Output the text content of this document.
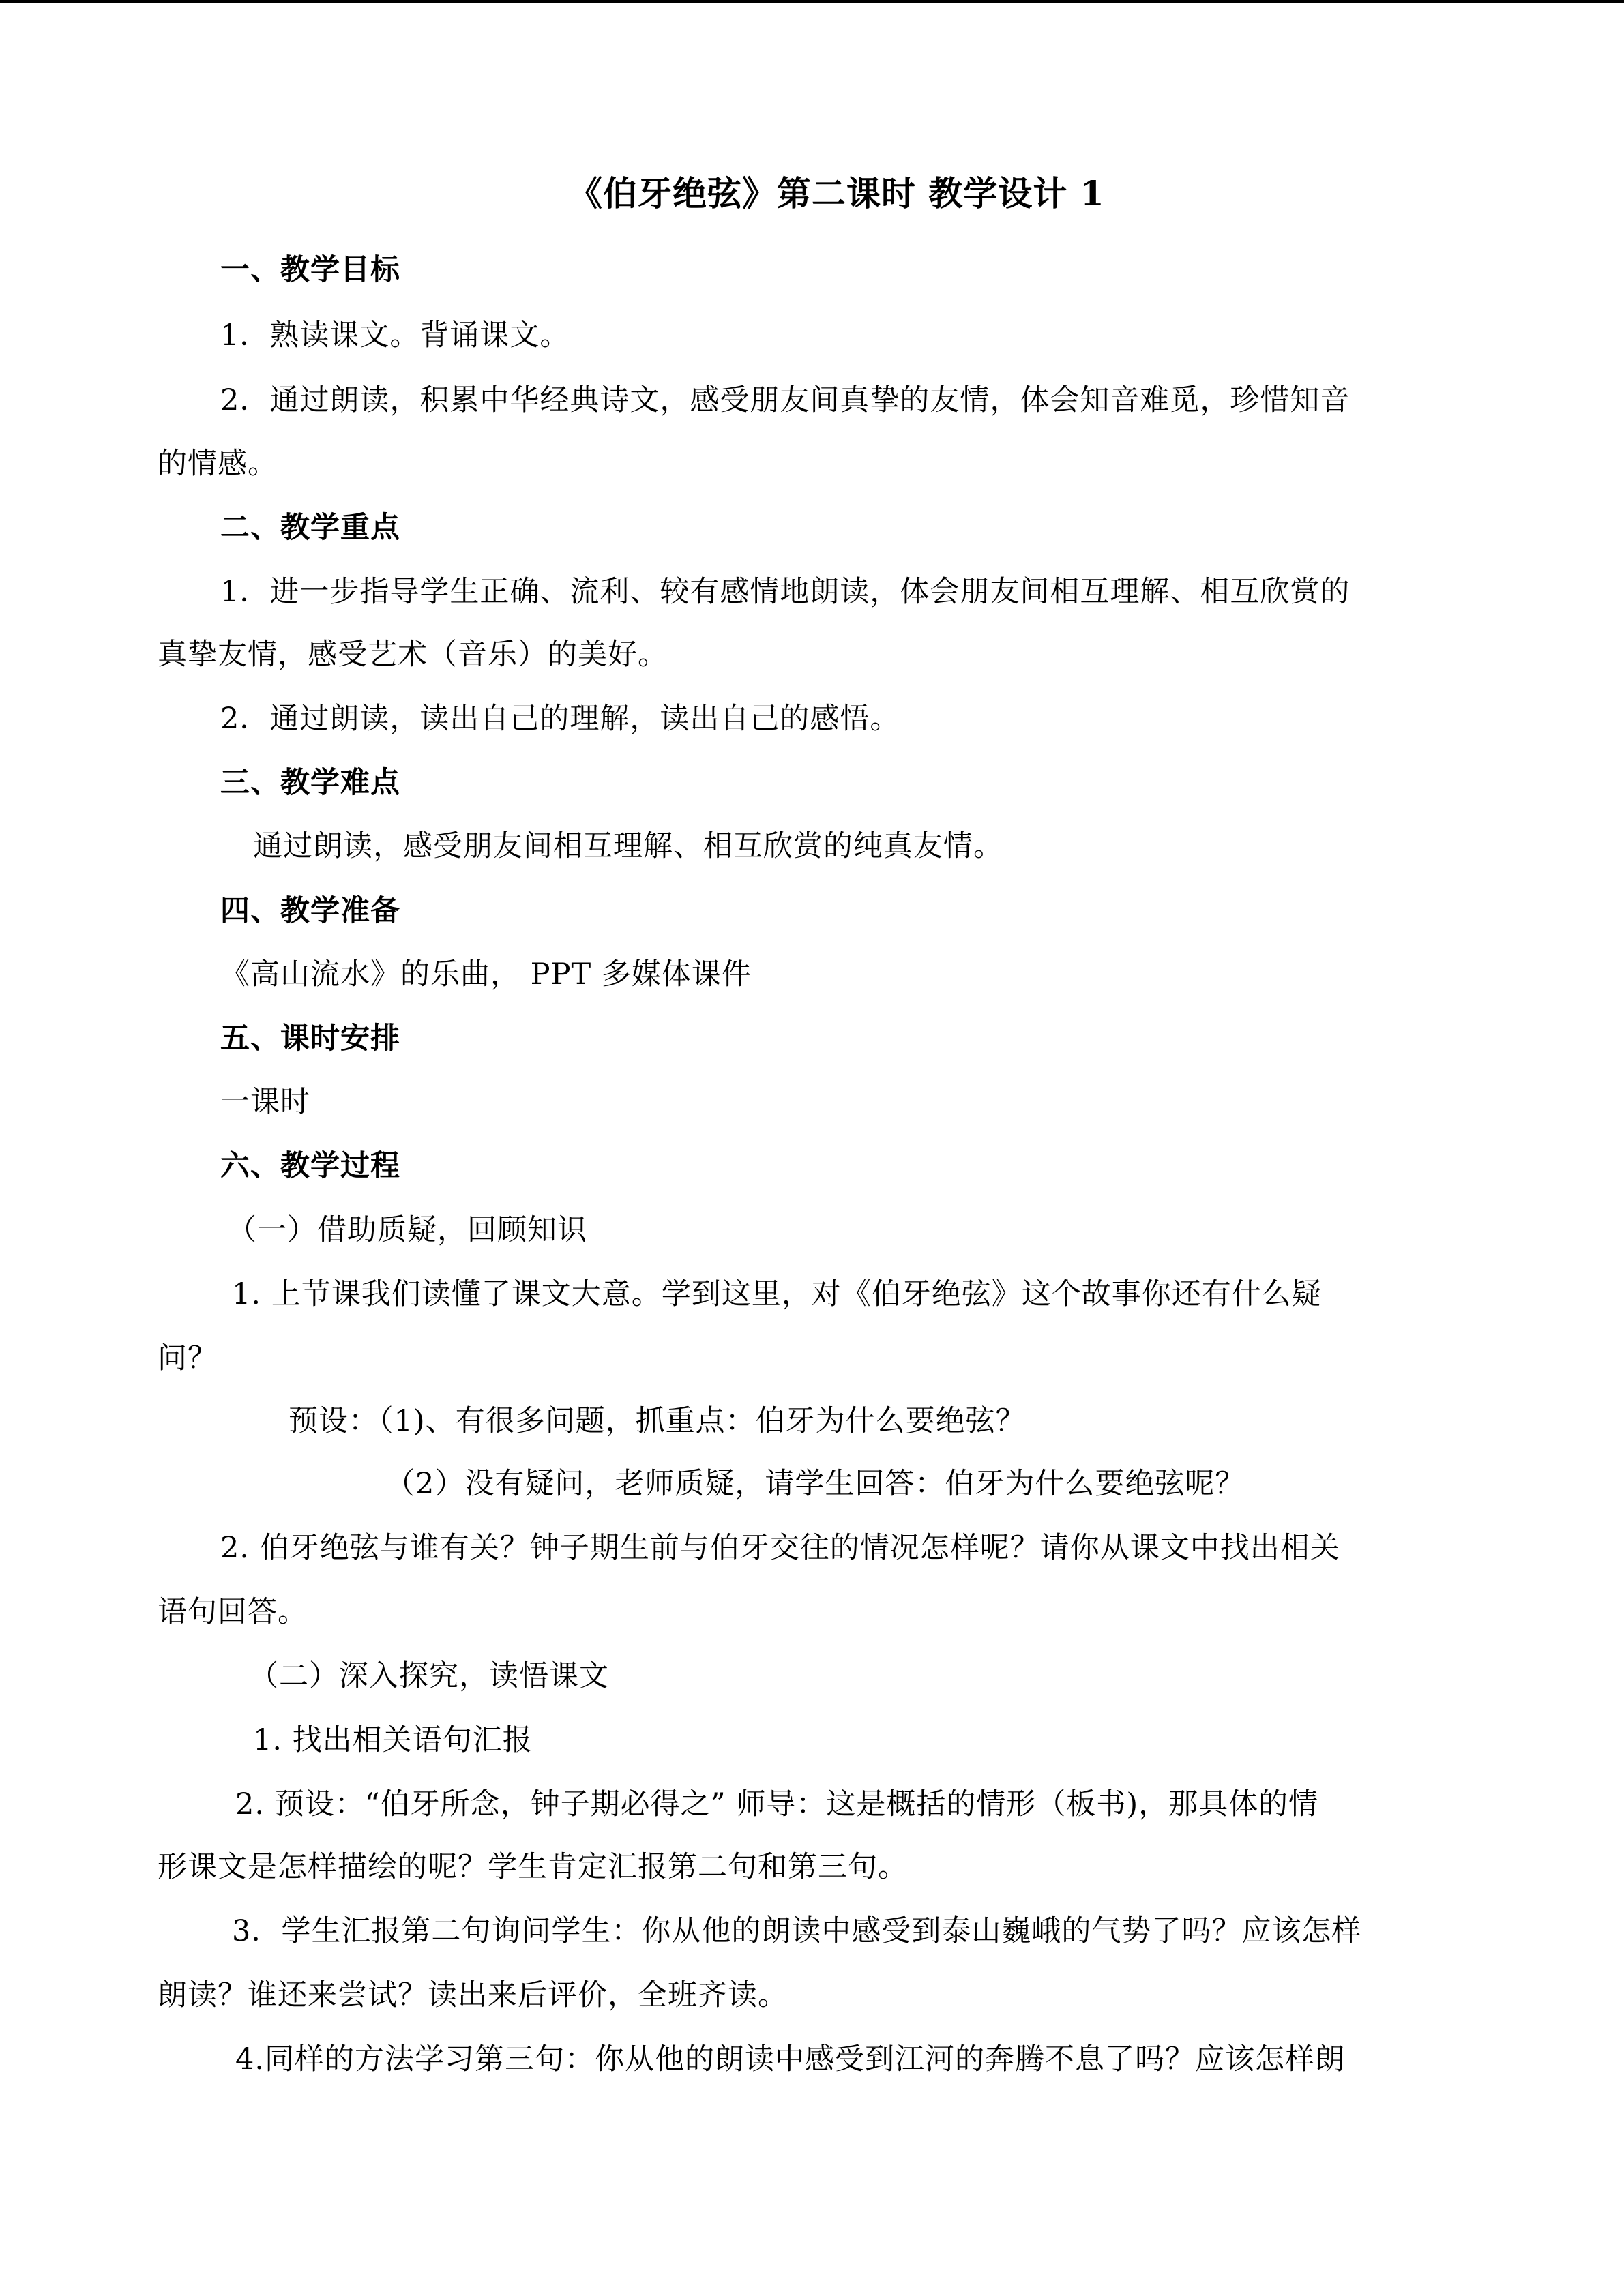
《伯牙绝弦》第二课时 教学设计 1
一、教学目标
1．熟读课文。背诵课文。
2．通过朗读，积累中华经典诗文，感受朋友间真挚的友情，体会知音难觅，珍惜知音
的情感。
二、教学重点
1．进一步指导学生正确、流利、较有感情地朗读，体会朋友间相互理解、相互欣赏的
真挚友情，感受艺术（音乐）的美好。
2．通过朗读，读出自己的理解，读出自己的感悟。
三、教学难点
通过朗读，感受朋友间相互理解、相互欣赏的纯真友情。
四、教学准备
《高山流水》的乐曲， PPT 多媒体课件
五、课时安排
一课时
六、教学过程
（一）借助质疑，回顾知识
1. 上节课我们读懂了课文大意。学到这里，对《伯牙绝弦》这个故事你还有什么疑
问？
预设：（1)、有很多问题，抓重点：伯牙为什么要绝弦？
（2）没有疑问，老师质疑，请学生回答：伯牙为什么要绝弦呢？
2. 伯牙绝弦与谁有关？钟子期生前与伯牙交往的情况怎样呢？请你从课文中找出相关
语句回答。
（二）深入探究，读悟课文
1. 找出相关语句汇报
2. 预设：“伯牙所念，钟子期必得之” 师导：这是概括的情形（板书)，那具体的情
形课文是怎样描绘的呢？学生肯定汇报第二句和第三句。
3．学生汇报第二句询问学生：你从他的朗读中感受到泰山巍峨的气势了吗？应该怎样
朗读？谁还来尝试？读出来后评价，全班齐读。
4.同样的方法学习第三句：你从他的朗读中感受到江河的奔腾不息了吗？应该怎样朗
